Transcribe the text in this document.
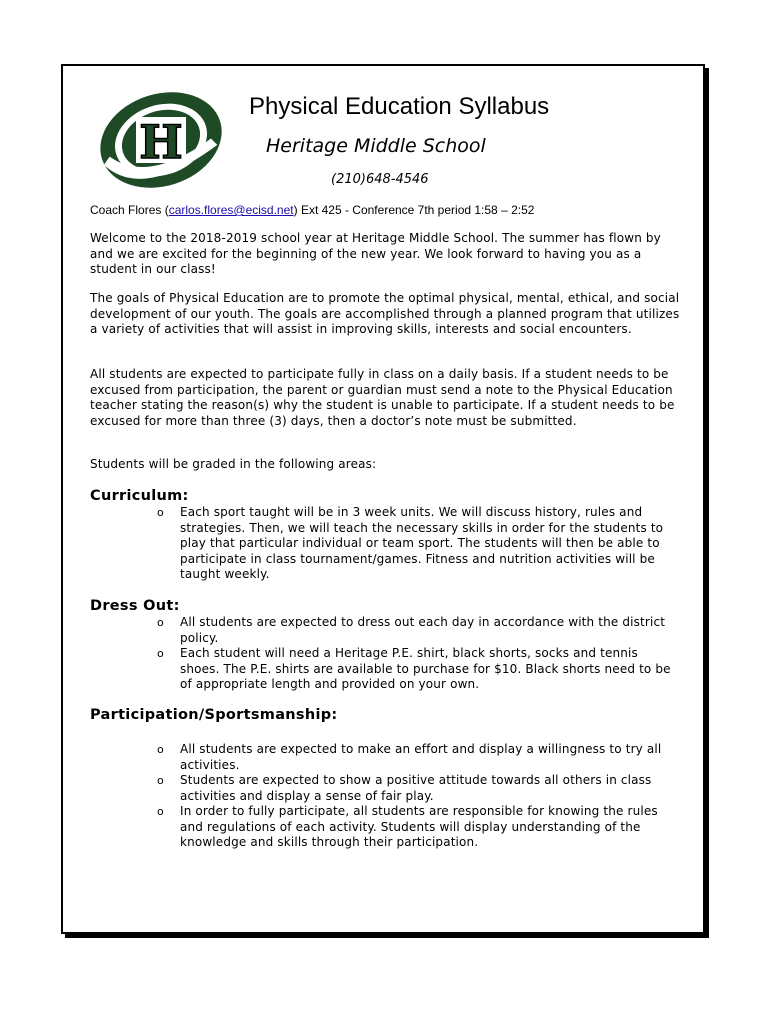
H
Physical Education Syllabus
Heritage Middle School
(210)648-4546
Coach Flores (carlos.flores@ecisd.net) Ext 425 - Conference 7th period 1:58 – 2:52

Welcome to the 2018-2019 school year at Heritage Middle School. The summer has flown by and we are excited for the beginning of the new year. We look forward to having you as a student in our class!

The goals of Physical Education are to promote the optimal physical, mental, ethical, and social development of our youth. The goals are accomplished through a planned program that utilizes a variety of activities that will assist in improving skills, interests and social encounters.

All students are expected to participate fully in class on a daily basis. If a student needs to be excused from participation, the parent or guardian must send a note to the Physical Education teacher stating the reason(s) why the student is unable to participate. If a student needs to be excused for more than three (3) days, then a doctor’s note must be submitted.

Students will be graded in the following areas:

Curriculum:
o Each sport taught will be in 3 week units. We will discuss history, rules and strategies. Then, we will teach the necessary skills in order for the students to play that particular individual or team sport. The students will then be able to participate in class tournament/games. Fitness and nutrition activities will be taught weekly.
Dress Out:
o All students are expected to dress out each day in accordance with the district policy.
o Each student will need a Heritage P.E. shirt, black shorts, socks and tennis shoes. The P.E. shirts are available to purchase for $10. Black shorts need to be of appropriate length and provided on your own.
Participation/Sportsmanship:
o All students are expected to make an effort and display a willingness to try all activities.
o Students are expected to show a positive attitude towards all others in class activities and display a sense of fair play.
o In order to fully participate, all students are responsible for knowing the rules and regulations of each activity. Students will display understanding of the knowledge and skills through their participation.
